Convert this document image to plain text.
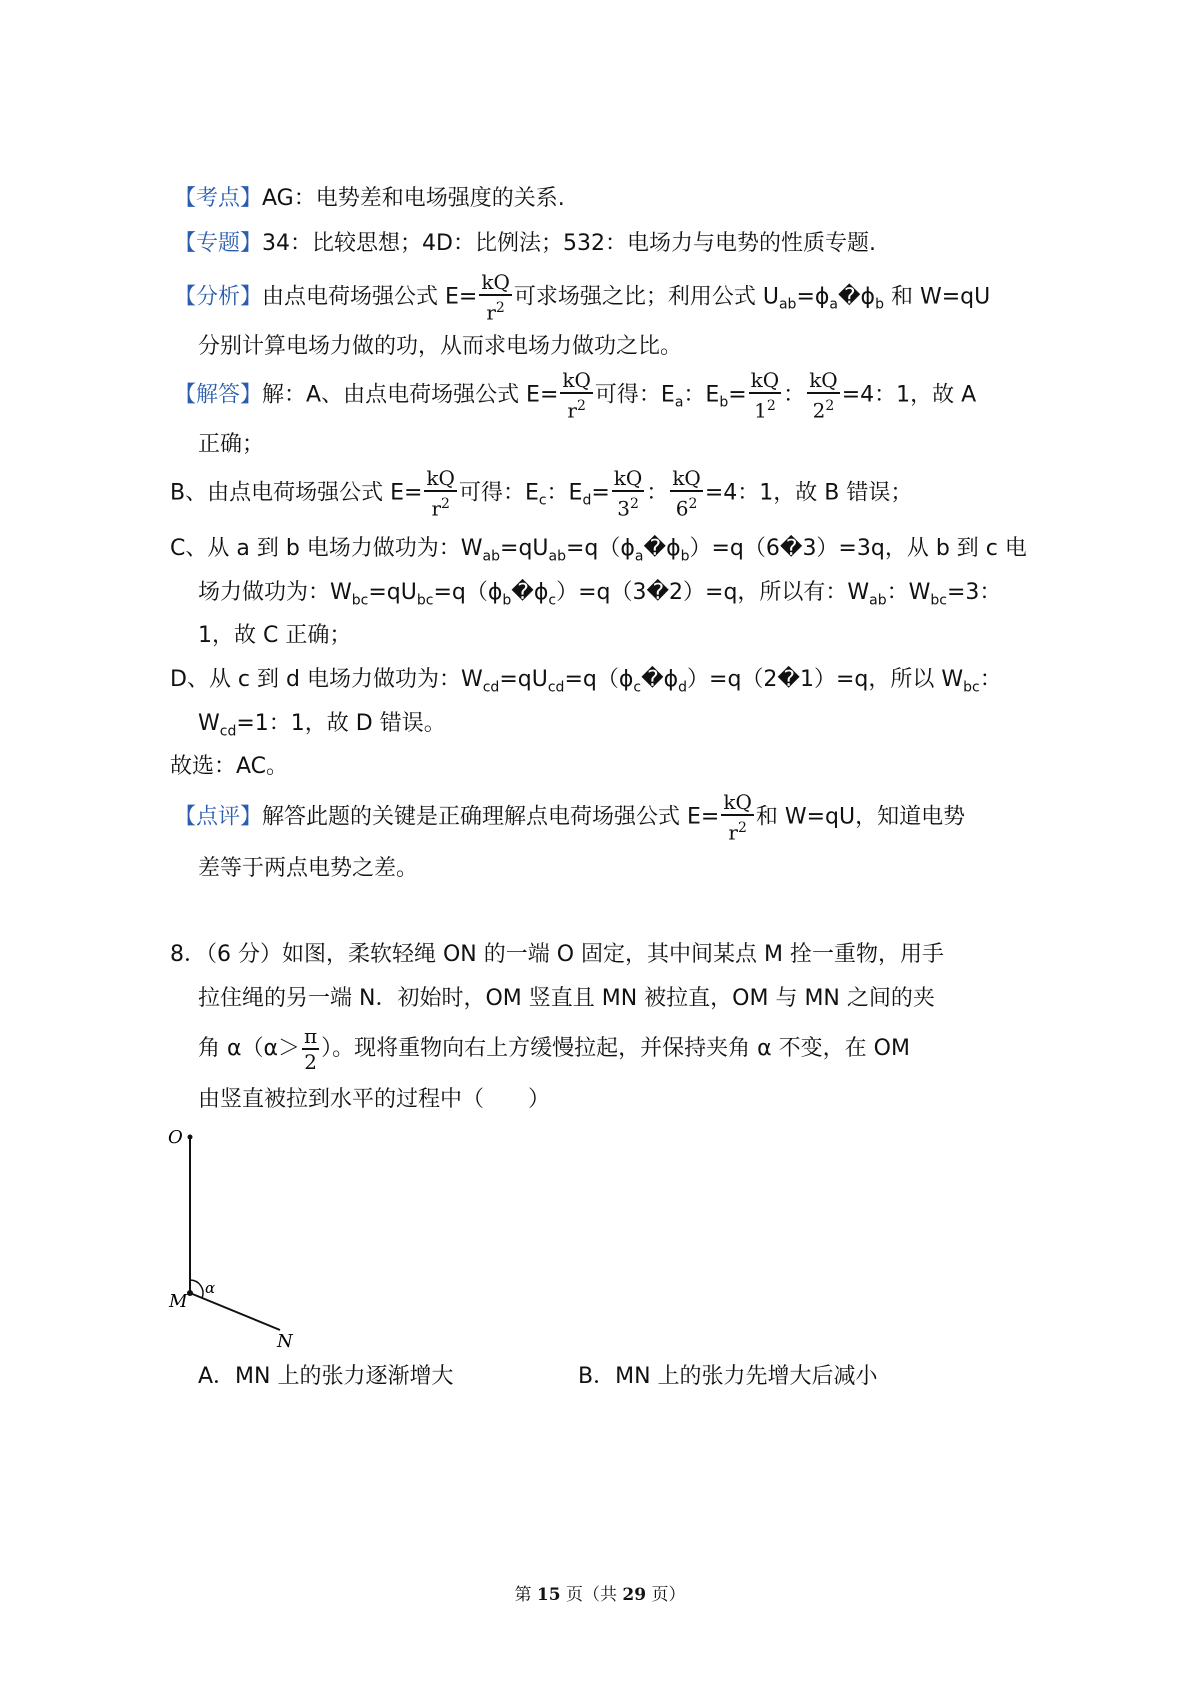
【考点】AG：电势差和电场强度的关系.
【专题】34：比较思想；4D：比例法；532：电场力与电势的性质专题.
【分析】由点电荷场强公式 $E= \frac{kQ}{r^2}$ 可求场强之比；利用公式 $U_{ab}=\phi_a�\phi_b$ 和 W=qU
分别计算电场力做的功，从而求电场力做功之比。
【解答】解：A、由点电荷场强公式 $E= \frac{kQ}{r^2}$ 可得：$E_a$：$E_b= \frac{kQ}{1^2}$ ： $\frac{kQ}{2^2} =4$：1，故 A
正确；
B、由点电荷场强公式 $E= \frac{kQ}{r^2}$ 可得：$E_c$：$E_d= \frac{kQ}{3^2}$ ： $\frac{kQ}{6^2} =4$：1，故 B 错误；
C、从 a 到 b 电场力做功为：$W_{ab}=qU_{ab}=q(\phi_a�\phi_b)=q(6�3)=3q$，从 b 到 c 电
场力做功为：$W_{bc}=qU_{bc}=q(\phi_b�\phi_c)=q(3�2)=q$，所以有：$W_{ab}$：$W_{bc}=3$：
1，故 C 正确；
D、从 c 到 d 电场力做功为：$W_{cd}=qU_{cd}=q(\phi_c�\phi_d)=q(2�1)=q$，所以 $W_{bc}$：
$W_{cd}=1$：1，故 D 错误。
故选：AC。
【点评】解答此题的关键是正确理解点电荷场强公式 $E= \frac{kQ}{r^2}$ 和 W=qU，知道电势
差等于两点电势之差。
8．（6 分）如图，柔软轻绳 ON 的一端 O 固定，其中间某点 M 拴一重物，用手
拉住绳的另一端 N．初始时，OM 竖直且 MN 被拉直，OM 与 MN 之间的夹
角 $\alpha(\alpha> \frac{\pi}{2}$ ）。现将重物向右上方缓慢拉起，并保持夹角 α 不变，在 OM
由竖直被拉到水平的过程中（　　）
O
M
N
α
A．MN 上的张力逐渐增大	B．MN 上的张力先增大后减小
第 15 页（共 29 页）
